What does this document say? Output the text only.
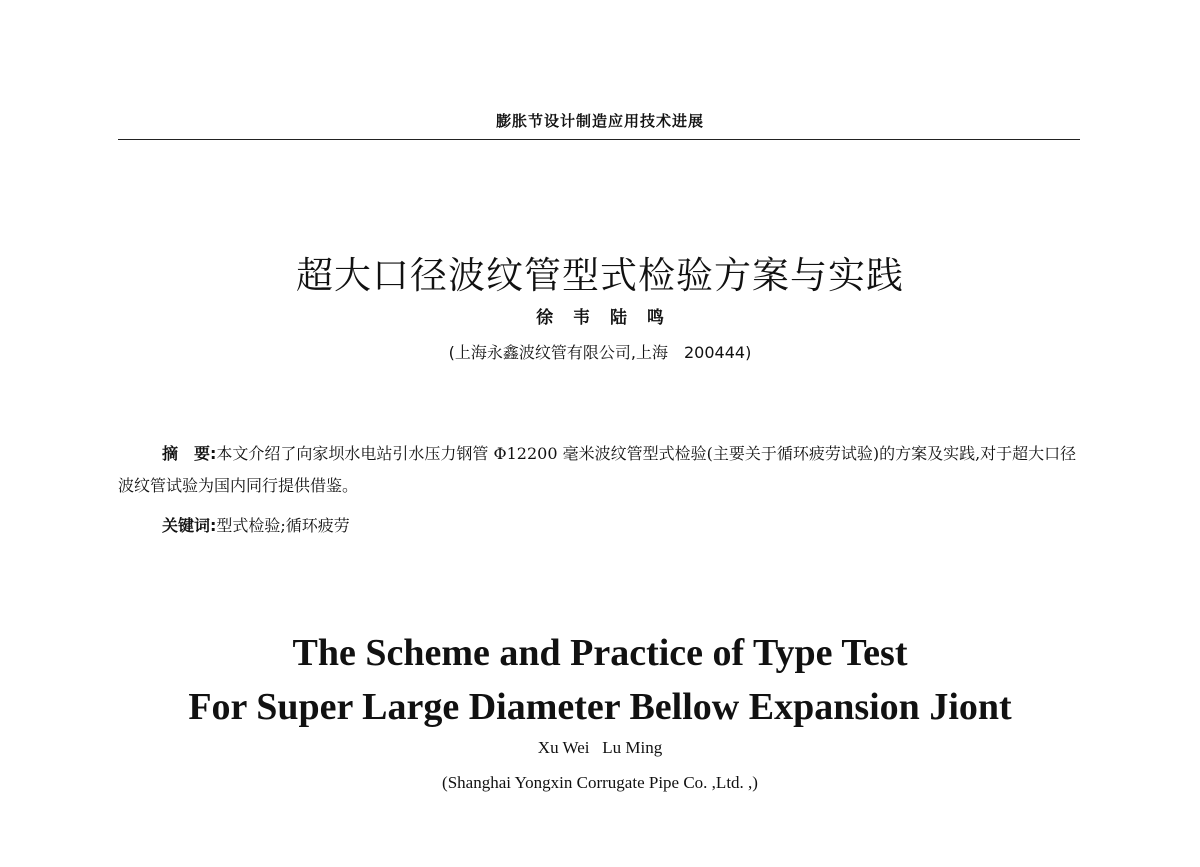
膨胀节设计制造应用技术进展
超大口径波纹管型式检验方案与实践
徐 韦 陆 鸣
(上海永鑫波纹管有限公司,上海　200444)
摘　要:本文介绍了向家坝水电站引水压力钢管 Φ12200 毫米波纹管型式检验(主要关于循环疲劳试验)的方案及实践,对于超大口径波纹管试验为国内同行提供借鉴。
关键词:型式检验;循环疲劳
The Scheme and Practice of Type Test
For Super Large Diameter Bellow Expansion Jiont
Xu Wei   Lu Ming
(Shanghai Yongxin Corrugate Pipe Co. ,Ltd. ,)
